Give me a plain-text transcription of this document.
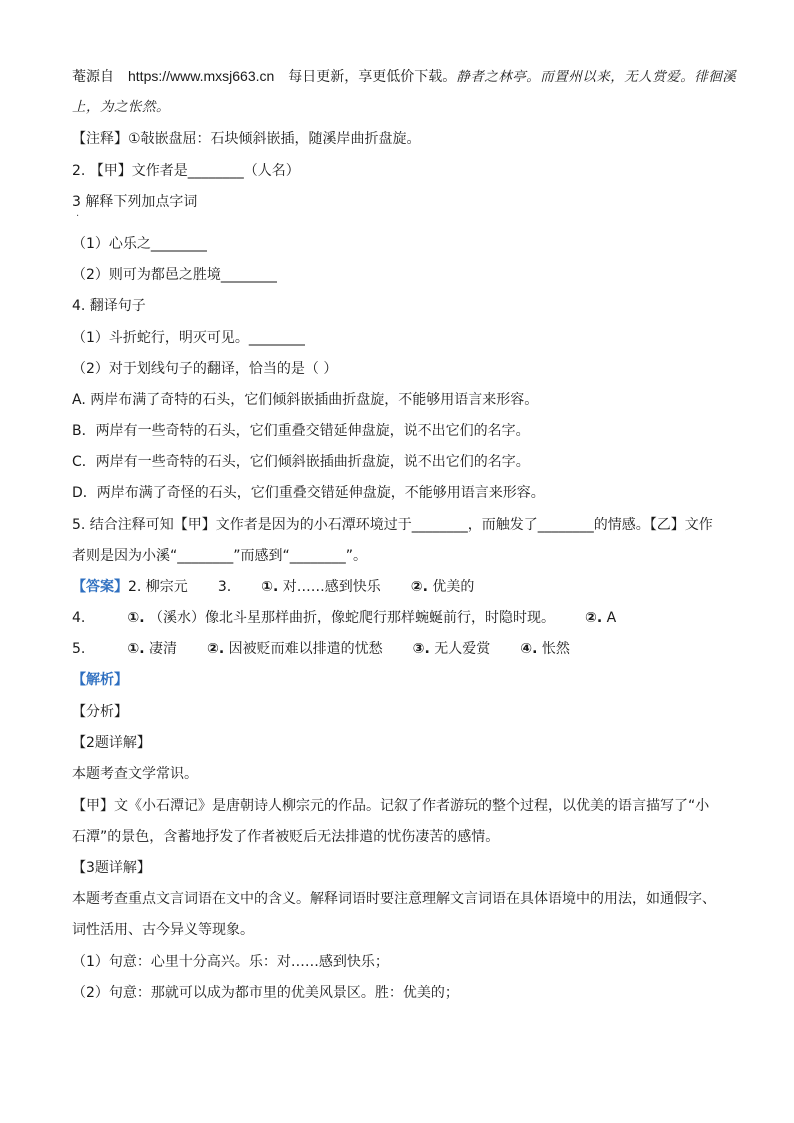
菴源自 https://www.mxsj663.cn 每日更新，享更低价下载。静者之林亭。而置州以来，无人赏爱。徘徊溪
上，为之怅然。
【注释】①敧嵌盘屈：石块倾斜嵌插，随溪岸曲折盘旋。
2. 【甲】文作者是________（人名）
3 解释下列加点字词
·
（1）心乐之________
（2）则可为都邑之胜境________
4. 翻译句子
（1）斗折蛇行，明灭可见。________
（2）对于划线句子的翻译，恰当的是（ ）
A. 两岸布满了奇特的石头，它们倾斜嵌插曲折盘旋，不能够用语言来形容。
B．两岸有一些奇特的石头，它们重叠交错延伸盘旋，说不出它们的名字。
C．两岸有一些奇特的石头，它们倾斜嵌插曲折盘旋，说不出它们的名字。
D．两岸布满了奇怪的石头，它们重叠交错延伸盘旋，不能够用语言来形容。
5. 结合注释可知【甲】文作者是因为的小石潭环境过于________，而触发了________的情感。【乙】文作
者则是因为小溪“________”而感到“________”。
【答案】2. 柳宗元 3. ①. 对……感到快乐 ②. 优美的
4.	①. （溪水）像北斗星那样曲折，像蛇爬行那样蜿蜒前行，时隐时现。 ②. A
5.	①. 凄清 ②. 因被贬而难以排遣的忧愁 ③. 无人爱赏 ④. 怅然
【解析】
【分析】
【2题详解】
本题考查文学常识。
【甲】文《小石潭记》是唐朝诗人柳宗元的作品。记叙了作者游玩的整个过程，以优美的语言描写了“小
石潭”的景色，含蓄地抒发了作者被贬后无法排遣的忧伤凄苦的感情。
【3题详解】
本题考查重点文言词语在文中的含义。解释词语时要注意理解文言词语在具体语境中的用法，如通假字、
词性活用、古今异义等现象。
（1）句意：心里十分高兴。乐：对……感到快乐；
（2）句意：那就可以成为都市里的优美风景区。胜：优美的；
